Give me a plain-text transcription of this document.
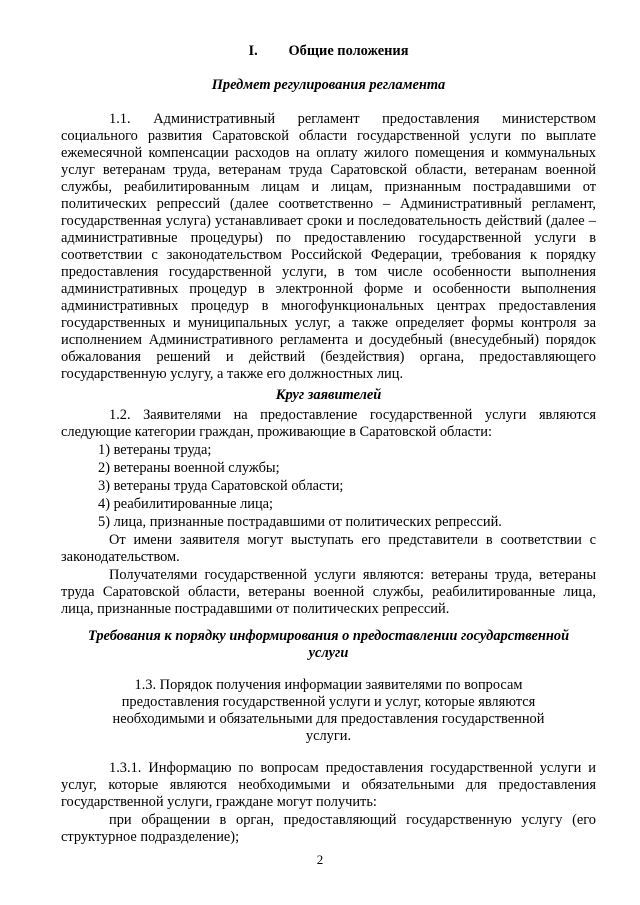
I. Общие положения
Предмет регулирования регламента

1.1. Административный регламент предоставления министерством социального развития Саратовской области государственной услуги по выплате ежемесячной компенсации расходов на оплату жилого помещения и коммунальных услуг ветеранам труда, ветеранам труда Саратовской области, ветеранам военной службы, реабилитированным лицам и лицам, признанным пострадавшими от политических репрессий (далее соответственно – Административный регламент, государственная услуга) устанавливает сроки и последовательность действий (далее – административные процедуры) по предоставлению государственной услуги в соответствии с законодательством Российской Федерации, требования к порядку предоставления государственной услуги, в том числе особенности выполнения административных процедур в электронной форме и особенности выполнения административных процедур в многофункциональных центрах предоставления государственных и муниципальных услуг, а также определяет формы контроля за исполнением Административного регламента и досудебный (внесудебный) порядок обжалования решений и действий (бездействия) органа, предоставляющего государственную услугу, а также его должностных лиц.

Круг заявителей

1.2. Заявителями на предоставление государственной услуги являются следующие категории граждан, проживающие в Саратовской области:

1) ветераны труда;

2) ветераны военной службы;

3) ветераны труда Саратовской области;

4) реабилитированные лица;

5) лица, признанные пострадавшими от политических репрессий.

От имени заявителя могут выступать его представители в соответствии с законодательством.

Получателями государственной услуги являются: ветераны труда, ветераны труда Саратовской области, ветераны военной службы, реабилитированные лица, лица, признанные пострадавшими от политических репрессий.

Требования к порядку информирования о предоставлении государственной услуги

1.3. Порядок получения информации заявителями по вопросам предоставления государственной услуги и услуг, которые являются необходимыми и обязательными для предоставления государственной услуги.

1.3.1. Информацию по вопросам предоставления государственной услуги и услуг, которые являются необходимыми и обязательными для предоставления государственной услуги, граждане могут получить:

при обращении в орган, предоставляющий государственную услугу (его структурное подразделение);

2
